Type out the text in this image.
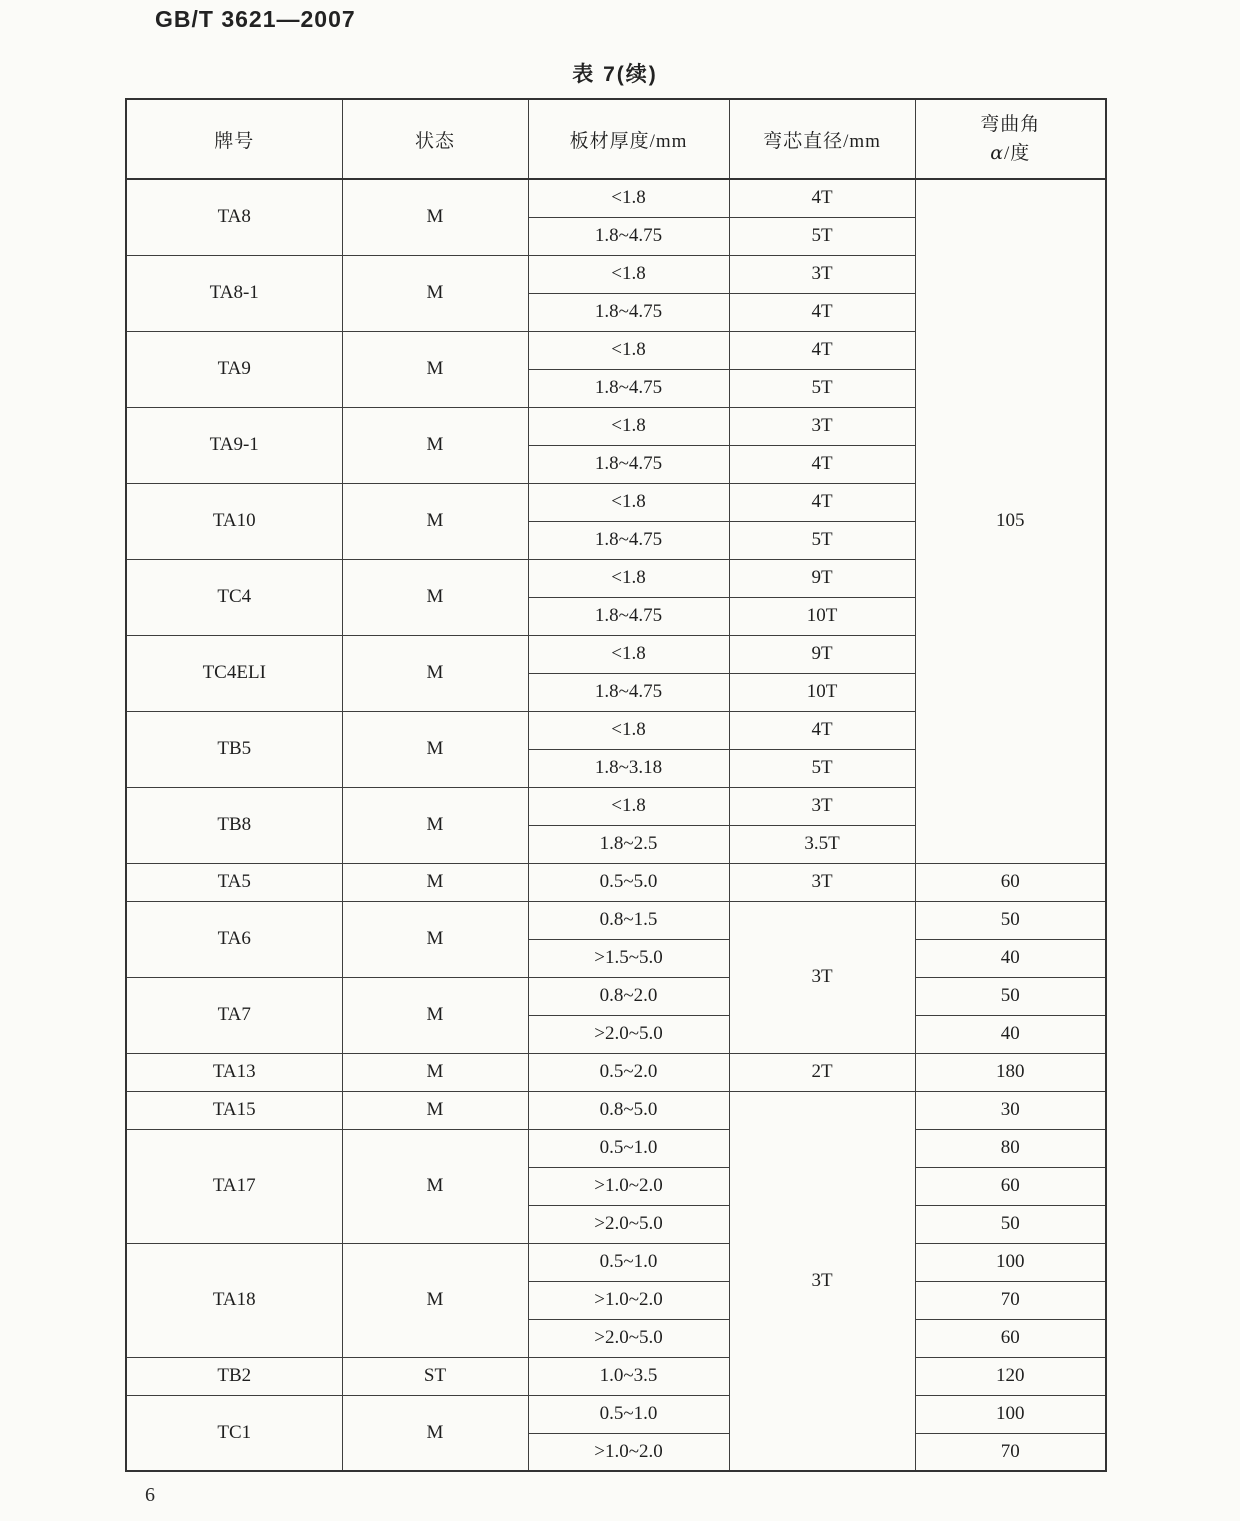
GB/T 3621—2007
表 7(续)
牌号	状态	板材厚度/mm	弯芯直径/mm	弯曲角
α/度

TA8	M	<1.8	4T	105
		1.8~4.75	5T	
TA8-1	M	<1.8	3T	
		1.8~4.75	4T	
TA9	M	<1.8	4T	
		1.8~4.75	5T	
TA9-1	M	<1.8	3T	
		1.8~4.75	4T	
TA10	M	<1.8	4T	
		1.8~4.75	5T	
TC4	M	<1.8	9T	
		1.8~4.75	10T	
TC4ELI	M	<1.8	9T	
		1.8~4.75	10T	
TB5	M	<1.8	4T	
		1.8~3.18	5T	
TB8	M	<1.8	3T	
		1.8~2.5	3.5T	
TA5	M	0.5~5.0	3T	60
TA6	M	0.8~1.5	3T	50
		>1.5~5.0		40
TA7	M	0.8~2.0		50
		>2.0~5.0		40
TA13	M	0.5~2.0	2T	180
TA15	M	0.8~5.0	3T	30
TA17	M	0.5~1.0		80
		>1.0~2.0		60
		>2.0~5.0		50
TA18	M	0.5~1.0		100
		>1.0~2.0		70
		>2.0~5.0		60
TB2	ST	1.0~3.5		120
TC1	M	0.5~1.0		100
		>1.0~2.0		70
6
